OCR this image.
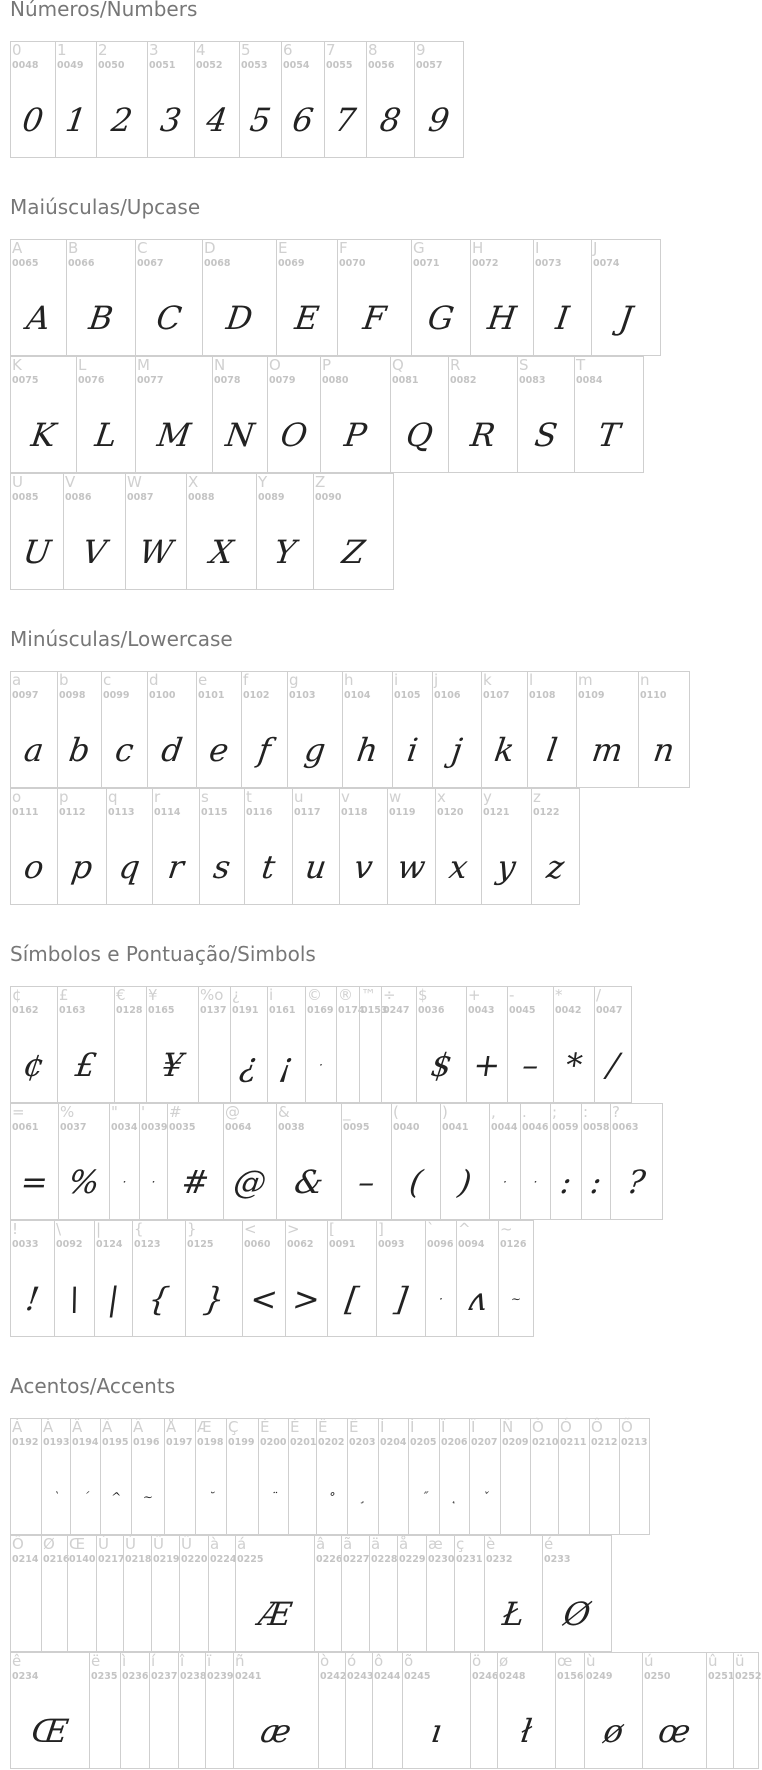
Números/Numbers
Maiúsculas/Upcase
Minúsculas/Lowercase
Símbolos e Pontuação/Simbols
Acentos/Accents
0
0048
0
1
0049
1
2
0050
2
3
0051
3
4
0052
4
5
0053
5
6
0054
6
7
0055
7
8
0056
8
9
0057
9
A
0065
A
B
0066
B
C
0067
C
D
0068
D
E
0069
E
F
0070
F
G
0071
G
H
0072
H
I
0073
I
J
0074
J
K
0075
K
L
0076
L
M
0077
M
N
0078
N
O
0079
O
P
0080
P
Q
0081
Q
R
0082
R
S
0083
S
T
0084
T
U
0085
U
V
0086
V
W
0087
W
X
0088
X
Y
0089
Y
Z
0090
Z
a
0097
a
b
0098
b
c
0099
c
d
0100
d
e
0101
e
f
0102
f
g
0103
g
h
0104
h
i
0105
i
j
0106
j
k
0107
k
l
0108
l
m
0109
m
n
0110
n
o
0111
o
p
0112
p
q
0113
q
r
0114
r
s
0115
s
t
0116
t
u
0117
u
v
0118
v
w
0119
w
x
0120
x
y
0121
y
z
0122
z
¢
0162
¢
£
0163
£
€
0128
¥
0165
¥
%o
0137
¿
0191
¿
i
0161
¡
©
0169
·
®
0174
™
0153
÷
0247
$
0036
$
+
0043
+
-
0045
–
*
0042
*
/
0047
/
=
0061
=
%
0037
%
"
0034
·
'
0039
·
#
0035
#
@
0064
@
&
0038
&
_
0095
–
(
0040
(
)
0041
)
,
0044
·
.
0046
·
;
0059
:
:
0058
:
?
0063
?
!
0033
!
\
0092
\
|
0124
|
{
0123
{
}
0125
}
<
0060
<
>
0062
>
[
0091
[
]
0093
]
`
0096
·
^
0094
ʌ
~
0126
~
À
0192
Á
0193
`
Â
0194
´
Ã
0195
^
Ä
0196
~
Å
0197
Æ
0198
˘
Ç
0199
È
0200
¨
É
0201
Ê
0202
°
Ë
0203
¸
Ì
0204
Í
0205
˝
Î
0206
˛
Ï
0207
ˇ
Ñ
0209
Ò
0210
Ó
0211
Ô
0212
Õ
0213
Ö
0214
Ø
0216
Œ
0140
Ù
0217
Ú
0218
Û
0219
Ü
0220
à
0224
á
0225
Æ
â
0226
ã
0227
ä
0228
å
0229
æ
0230
ç
0231
è
0232
Ł
é
0233
Ø
ê
0234
Œ
ë
0235
ì
0236
í
0237
î
0238
ï
0239
ñ
0241
æ
ò
0242
ó
0243
ô
0244
õ
0245
ı
ö
0246
ø
0248
ł
œ
0156
ù
0249
ø
ú
0250
œ
û
0251
ü
0252
